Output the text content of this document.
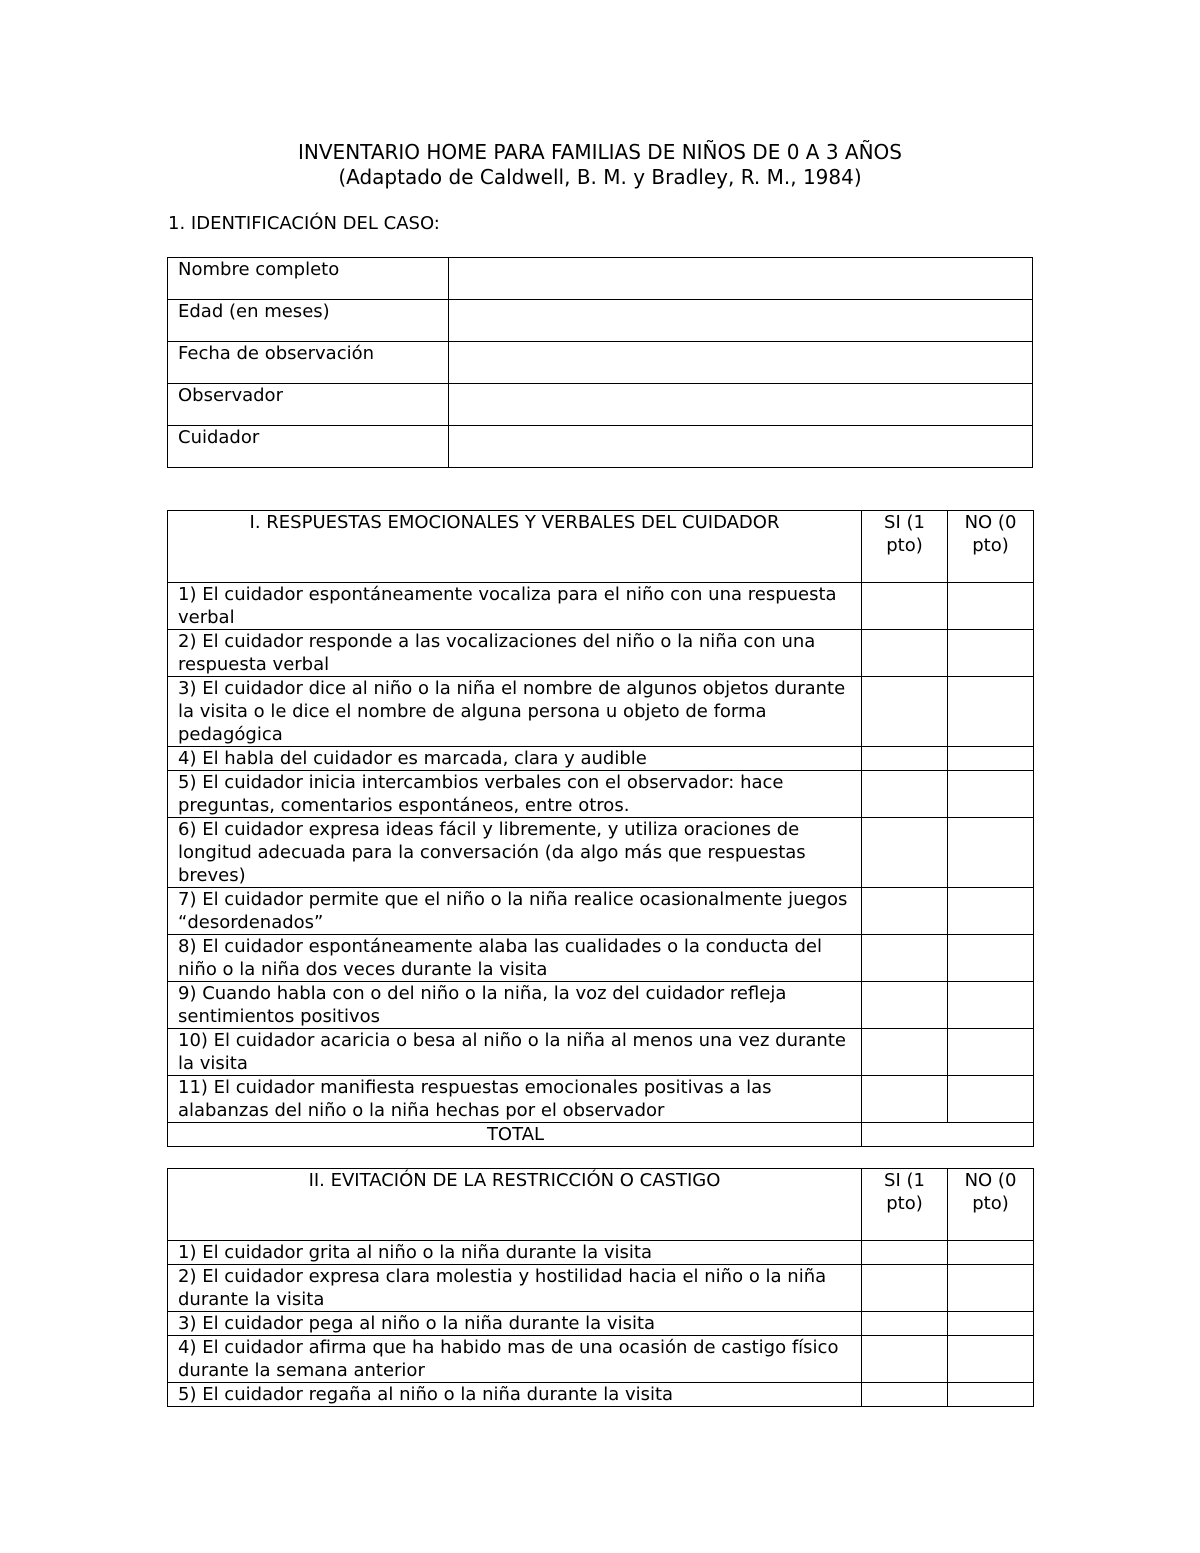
INVENTARIO HOME PARA FAMILIAS DE NIÑOS DE 0 A 3 AÑOS
(Adaptado de Caldwell, B. M. y Bradley, R. M., 1984)
1. IDENTIFICACIÓN DEL CASO:
Nombre completo	
Edad (en meses)	
Fecha de observación	
Observador	
Cuidador	
I. RESPUESTAS EMOCIONALES Y VERBALES DEL CUIDADOR	SI (1 pto)	NO (0 pto)
1) El cuidador espontáneamente vocaliza para el niño con una respuesta verbal		
2) El cuidador responde a las vocalizaciones del niño o la niña con una respuesta verbal		
3) El cuidador dice al niño o la niña el nombre de algunos objetos durante la visita o le dice el nombre de alguna persona u objeto de forma pedagógica		
4) El habla del cuidador es marcada, clara y audible		
5) El cuidador inicia intercambios verbales con el observador: hace preguntas, comentarios espontáneos, entre otros.		
6) El cuidador expresa ideas fácil y libremente, y utiliza oraciones de longitud adecuada para la conversación (da algo más que respuestas breves)		
7) El cuidador permite que el niño o la niña realice ocasionalmente juegos “desordenados”		
8) El cuidador espontáneamente alaba las cualidades o la conducta del niño o la niña dos veces durante la visita		
9) Cuando habla con o del niño o la niña, la voz del cuidador refleja sentimientos positivos		
10) El cuidador acaricia o besa al niño o la niña al menos una vez durante la visita		
11) El cuidador manifiesta respuestas emocionales positivas a las alabanzas del niño o la niña hechas por el observador		
TOTAL		
II. EVITACIÓN DE LA RESTRICCIÓN O CASTIGO	SI (1 pto)	NO (0 pto)
1) El cuidador grita al niño o la niña durante la visita		
2) El cuidador expresa clara molestia y hostilidad hacia el niño o la niña durante la visita		
3) El cuidador pega al niño o la niña durante la visita		
4) El cuidador afirma que ha habido mas de una ocasión de castigo físico durante la semana anterior		
5) El cuidador regaña al niño o la niña durante la visita		
